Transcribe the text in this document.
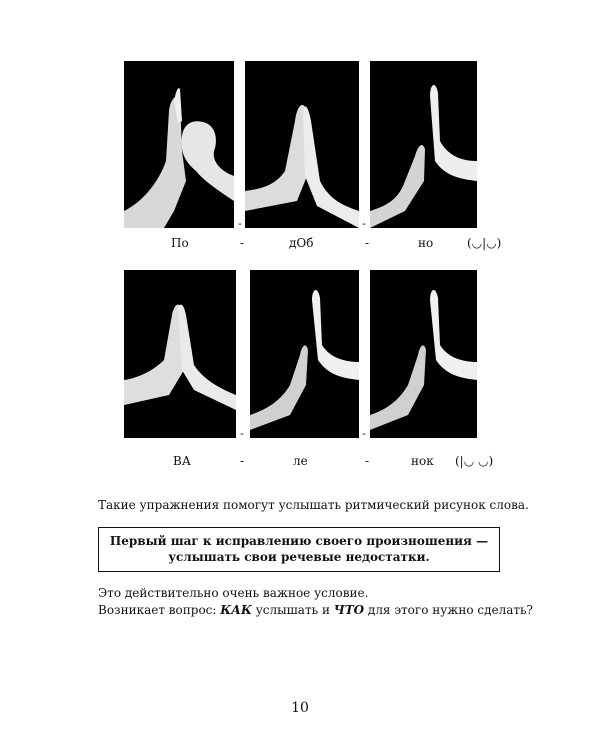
-	-
По	-	дОб	-	но	(◡|◡)
-	-
ВА	-	ле	-	нок (|◡ ◡)
Такие упражнения помогут услышать ритмический рисунок слова.
Первый шаг к исправлению своего произношения —
услышать свои речевые недостатки.
Это действительно очень важное условие.
Возникает вопрос: КАК услышать и ЧТО для этого нужно сделать?
10
